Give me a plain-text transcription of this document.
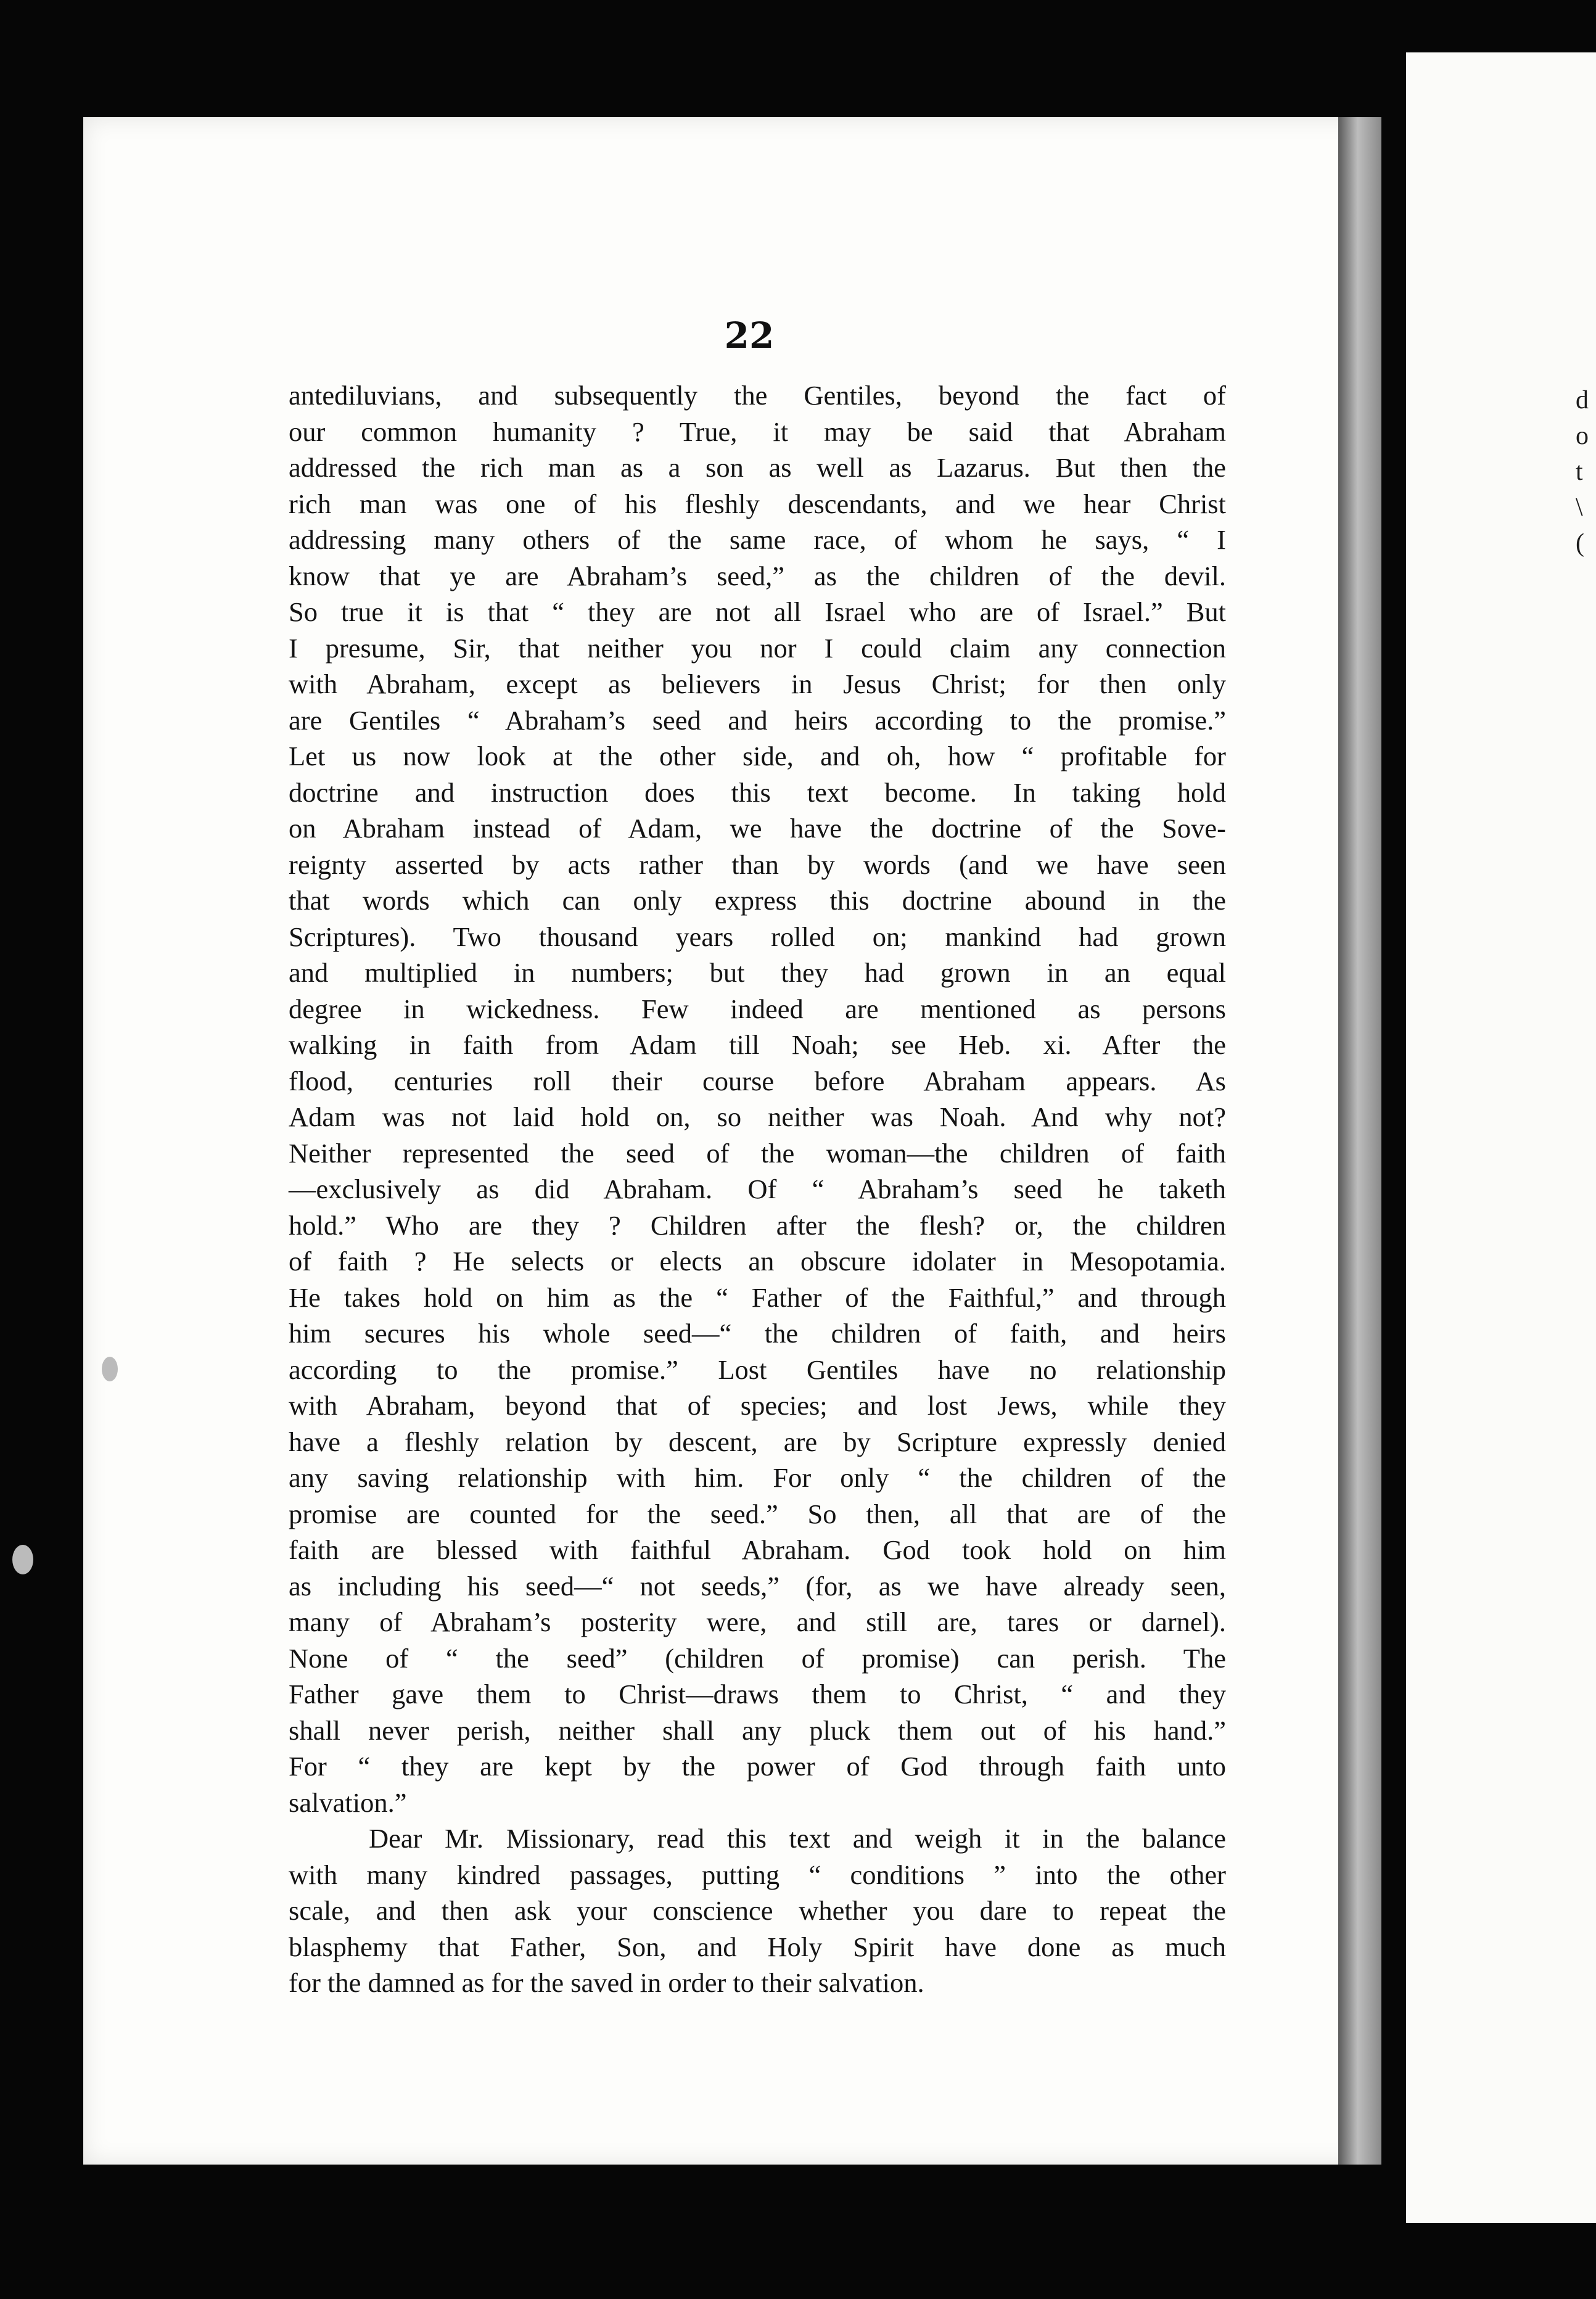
d
o
t
\
(
22
antediluvians, and subsequently the Gentiles, beyond the fact of
our common humanity ? True, it may be said that Abraham
addressed the rich man as a son as well as Lazarus. But then the
rich man was one of his fleshly descendants, and we hear Christ
addressing many others of the same race, of whom he says, “ I
know that ye are Abraham’s seed,” as the children of the devil.
So true it is that “ they are not all Israel who are of Israel.” But
I presume, Sir, that neither you nor I could claim any connection
with Abraham, except as believers in Jesus Christ; for then only
are Gentiles “ Abraham’s seed and heirs according to the promise.”
Let us now look at the other side, and oh, how “ profitable for
doctrine and instruction does this text become. In taking hold
on Abraham instead of Adam, we have the doctrine of the Sove-
reignty asserted by acts rather than by words (and we have seen
that words which can only express this doctrine abound in the
Scriptures). Two thousand years rolled on; mankind had grown
and multiplied in numbers; but they had grown in an equal
degree in wickedness. Few indeed are mentioned as persons
walking in faith from Adam till Noah; see Heb. xi. After the
flood, centuries roll their course before Abraham appears. As
Adam was not laid hold on, so neither was Noah. And why not?
Neither represented the seed of the woman—the children of faith
—exclusively as did Abraham. Of “ Abraham’s seed he taketh
hold.” Who are they ? Children after the flesh? or, the children
of faith ? He selects or elects an obscure idolater in Mesopotamia.
He takes hold on him as the “ Father of the Faithful,” and through
him secures his whole seed—“ the children of faith, and heirs
according to the promise.” Lost Gentiles have no relationship
with Abraham, beyond that of species; and lost Jews, while they
have a fleshly relation by descent, are by Scripture expressly denied
any saving relationship with him. For only “ the children of the
promise are counted for the seed.” So then, all that are of the
faith are blessed with faithful Abraham. God took hold on him
as including his seed—“ not seeds,” (for, as we have already seen,
many of Abraham’s posterity were, and still are, tares or darnel).
None of “ the seed” (children of promise) can perish. The
Father gave them to Christ—draws them to Christ, “ and they
shall never perish, neither shall any pluck them out of his hand.”
For “ they are kept by the power of God through faith unto
salvation.”
Dear Mr. Missionary, read this text and weigh it in the balance
with many kindred passages, putting “ conditions ” into the other
scale, and then ask your conscience whether you dare to repeat the
blasphemy that Father, Son, and Holy Spirit have done as much
for the damned as for the saved in order to their salvation.
